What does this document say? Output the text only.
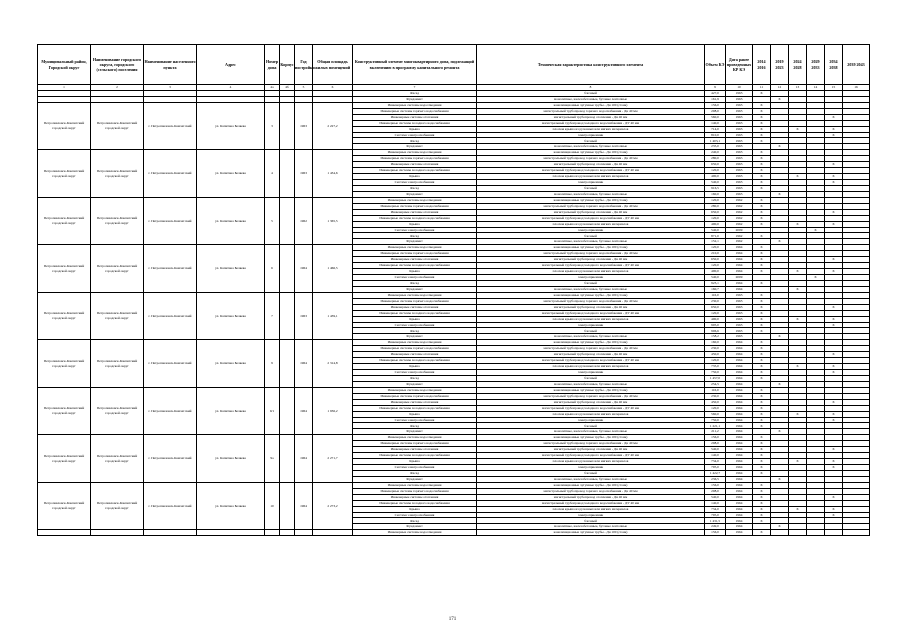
Муниципальный район, Городской округ	Наименование городского округа, городского (сельского) поселения	Наименование населенного пункта	Адрес	Номер дома	Корпус	Год постройки	Общая площадь жилых помещений	Конструктивный элемент многоквартирного дома, подлежащий включению в программу капитального ремонта	Техническая характеристика конструктивного элемента	Объем КЭ	Дата ранее проведенных КР КЭ	2014 2016	2019 2023	2024 2028	2029 2033	2034 2038	2039 2043
1	2	3	4	4а	4б	5	6	7	8	9	10	11	12	13	14	15	16
								Фасад	блочный	427,0	1963	X					
								Фундамент	монолитные, железобетонные, бутовые ленточные	161,9	1963		X				
Петропавловск-Камчатский городской округ	Петропавловск-Камчатский городской округ	г. Петропавловск-Камчатский	ул. Капитана Беляева	3		1963	2 227,2	Инженерные системы водоотведения	канализационные чугунные трубы - Дн 100 (стояк)	156,0	1963	X					
								Инженерные системы горячего водоснабжения	магистральный трубопровод горячего водоснабжения - Дн 40 мм	208,0	1963	X					
								Инженерные системы отопления	магистральный трубопровод отопления - Дн 40 мм	560,0	1963	X				X	
								Инженерные системы холодного водоснабжения	магистральный трубопровод холодного водоснабжения - ДУ 40 мм	140,0	1963	X					
								Крыша	плоская крыша из рулонных или мягких материалов	714,0	1963	X		X		X	
								Система электроснабжения	электроприемник	810,0	1963	X				X	
								Фасад	блочный	1 403,1	1963	X					
								Фундамент	монолитные, железобетонные, бутовые ленточные	235,0	1963		X				
Петропавловск-Камчатский городской округ	Петропавловск-Камчатский городской округ	г. Петропавловск-Камчатский	ул. Капитана Беляева	4		1963	1 434,6	Инженерные системы водоотведения	канализационные чугунные трубы - Дн 100 (стояк)	240,0	1963	X					
								Инженерные системы горячего водоснабжения	магистральный трубопровод горячего водоснабжения - Дн 40 мм	280,0	1963	X					
								Инженерные системы отопления	магистральный трубопровод отопления - Дн 40 мм	650,0	1963	X				X	
								Инженерные системы холодного водоснабжения	магистральный трубопровод холодного водоснабжения - ДУ 40 мм	120,0	1963	X					
								Крыша	плоская крыша из рулонных или мягких материалов	490,0	1963	X		X		X	
								Система электроснабжения	электроприемник	540,0	1963	X				X	
								Фасад	блочный	916,5	1963	X					
								Фундамент	монолитные, железобетонные, бутовые ленточные	160,0	1963		X				
Петропавловск-Камчатский городской округ	Петропавловск-Камчатский городской округ	г. Петропавловск-Камчатский	ул. Капитана Беляева	5		1962	1 365,5	Инженерные системы водоотведения	канализационные чугунные трубы - Дн 100 (стояк)	120,0	1962	X					
								Инженерные системы горячего водоснабжения	магистральный трубопровод горячего водоснабжения - Дн 40 мм	280,0	1962	X					
								Инженерные системы отопления	магистральный трубопровод отопления - Дн 40 мм	650,0	1962	X				X	
								Инженерные системы холодного водоснабжения	магистральный трубопровод холодного водоснабжения - ДУ 40 мм	120,0	1962	X					
								Крыша	плоская крыша из рулонных или мягких материалов	490,0	1962	X		X		X	
								Система электроснабжения	электроприемник	540,0	2009				X		
								Фасад	блочный	871,0	1962	X					
								Фундамент	монолитные, железобетонные, бутовые ленточные	152,1	1962		X				
Петропавловск-Камчатский городской округ	Петропавловск-Камчатский городской округ	г. Петропавловск-Камчатский	ул. Капитана Беляева	6		1964	1 466,5	Инженерные системы водоотведения	канализационные чугунные трубы - Дн 100 (стояк)	120,0	1964	X					
								Инженерные системы горячего водоснабжения	магистральный трубопровод горячего водоснабжения - Дн 40 мм	210,0	1964	X					
								Инженерные системы отопления	магистральный трубопровод отопления - Дн 40 мм	650,0	1964	X				X	
								Инженерные системы холодного водоснабжения	магистральный трубопровод холодного водоснабжения - ДУ 40 мм	120,0	1964	X					
								Крыша	плоская крыша из рулонных или мягких материалов	490,0	1964	X		X		X	
								Система электроснабжения	электроприемник	540,0	2009				X		
								Фасад	блочный	923,1	1964	X					
								Фундамент	монолитные, железобетонные, бутовые ленточные	160,7	1964			X			
Петропавловск-Камчатский городской округ	Петропавловск-Камчатский городской округ	г. Петропавловск-Камчатский	ул. Капитана Беляева	7		1963	1 439,1	Инженерные системы водоотведения	канализационные чугунные трубы - Дн 100 (стояк)	116,0	1963	X					
								Инженерные системы горячего водоснабжения	магистральный трубопровод горячего водоснабжения - Дн 40 мм	230,0	1963	X					
								Инженерные системы отопления	магистральный трубопровод отопления - Дн 40 мм	650,0	1963	X				X	
								Инженерные системы холодного водоснабжения	магистральный трубопровод холодного водоснабжения - ДУ 40 мм	120,0	1963	X					
								Крыша	плоская крыша из рулонных или мягких материалов	490,0	1963	X		X		X	
								Система электроснабжения	электроприемник	905,0	1963	X				X	
								Фасад	блочный	906,6	1963	X					
								Фундамент	монолитные, железобетонные, бутовые ленточные	158,2	1963		X				
Петропавловск-Камчатский городской округ	Петропавловск-Камчатский городской округ	г. Петропавловск-Камчатский	ул. Капитана Беляева	9		1964	2 314,8	Инженерные системы водоотведения	канализационные чугунные трубы - Дн 100 (стояк)	160,0	1964	X					
								Инженерные системы горячего водоснабжения	магистральный трубопровод горячего водоснабжения - Дн 40 мм	230,0	1964	X					
								Инженерные системы отопления	магистральный трубопровод отопления - Дн 40 мм	450,0	1964	X				X	
								Инженерные системы холодного водоснабжения	магистральный трубопровод холодного водоснабжения - ДУ 40 мм	120,0	1964	X					
								Крыша	плоская крыша из рулонных или мягких материалов	735,0	1964	X		X		X	
								Система электроснабжения	электроприемник	750,0	1964	X				X	
								Фасад	блочный	1 457,0	1964	X					
								Фундамент	монолитные, железобетонные, бутовые ленточные	254,5	1964		X				
Петропавловск-Камчатский городской округ	Петропавловск-Камчатский городской округ	г. Петропавловск-Камчатский	ул. Капитана Беляева	9/1		1964	1 936,2	Инженерные системы водоотведения	канализационные чугунные трубы - Дн 100 (стояк)	116,0	1964	X					
								Инженерные системы горячего водоснабжения	магистральный трубопровод горячего водоснабжения - Дн 40 мм	230,0	1964	X					
								Инженерные системы отопления	магистральный трубопровод отопления - Дн 40 мм	450,0	1964	X				X	
								Инженерные системы холодного водоснабжения	магистральный трубопровод холодного водоснабжения - ДУ 40 мм	120,0	1964	X					
								Крыша	плоская крыша из рулонных или мягких материалов	560,0	1964	X		X		X	
								Система электроснабжения	электроприемник	750,0	1964	X				X	
								Фасад	блочный	1 221,1	1964	X					
								Фундамент	монолитные, железобетонные, бутовые ленточные	211,2	1964		X				
Петропавловск-Камчатский городской округ	Петропавловск-Камчатский городской округ	г. Петропавловск-Камчатский	ул. Капитана Беляева	9а		1964	2 271,7	Инженерные системы водоотведения	канализационные чугунные трубы - Дн 100 (стояк)	156,0	1964	X					
								Инженерные системы горячего водоснабжения	магистральный трубопровод горячего водоснабжения - Дн 40 мм	208,0	1964	X					
								Инженерные системы отопления	магистральный трубопровод отопления - Дн 40 мм	540,0	1964	X				X	
								Инженерные системы холодного водоснабжения	магистральный трубопровод холодного водоснабжения - ДУ 40 мм	140,0	1964	X					
								Крыша	плоская крыша из рулонных или мягких материалов	734,0	1964	X		X		X	
								Система электроснабжения	электроприемник	795,0	1964	X				X	
								Фасад	блочный	1 422,7	1964	X					
								Фундамент	монолитные, железобетонные, бутовые ленточные	236,5	1964		X				
Петропавловск-Камчатский городской округ	Петропавловск-Камчатский городской округ	г. Петропавловск-Камчатский	ул. Капитана Беляева	10		1964	2 273,2	Инженерные системы водоотведения	канализационные чугунные трубы - Дн 100 (стояк)	156,0	1964	X					
								Инженерные системы горячего водоснабжения	магистральный трубопровод горячего водоснабжения - Дн 40 мм	208,0	1964	X					
								Инженерные системы отопления	магистральный трубопровод отопления - Дн 40 мм	540,0	1964	X				X	
								Инженерные системы холодного водоснабжения	магистральный трубопровод холодного водоснабжения - ДУ 40 мм	140,0	1964	X					
								Крыша	плоская крыша из рулонных или мягких материалов	734,0	1964	X		X		X	
								Система электроснабжения	электроприемник	795,0	1964	X				X	
								Фасад	блочный	1 431,5	1964	X					
								Фундамент	монолитные, железобетонные, бутовые ленточные	249,0	1964		X				
								Инженерные системы водоотведения	канализационные чугунные трубы - Дн 100 (стояк)	156,0	1964	X					
171
